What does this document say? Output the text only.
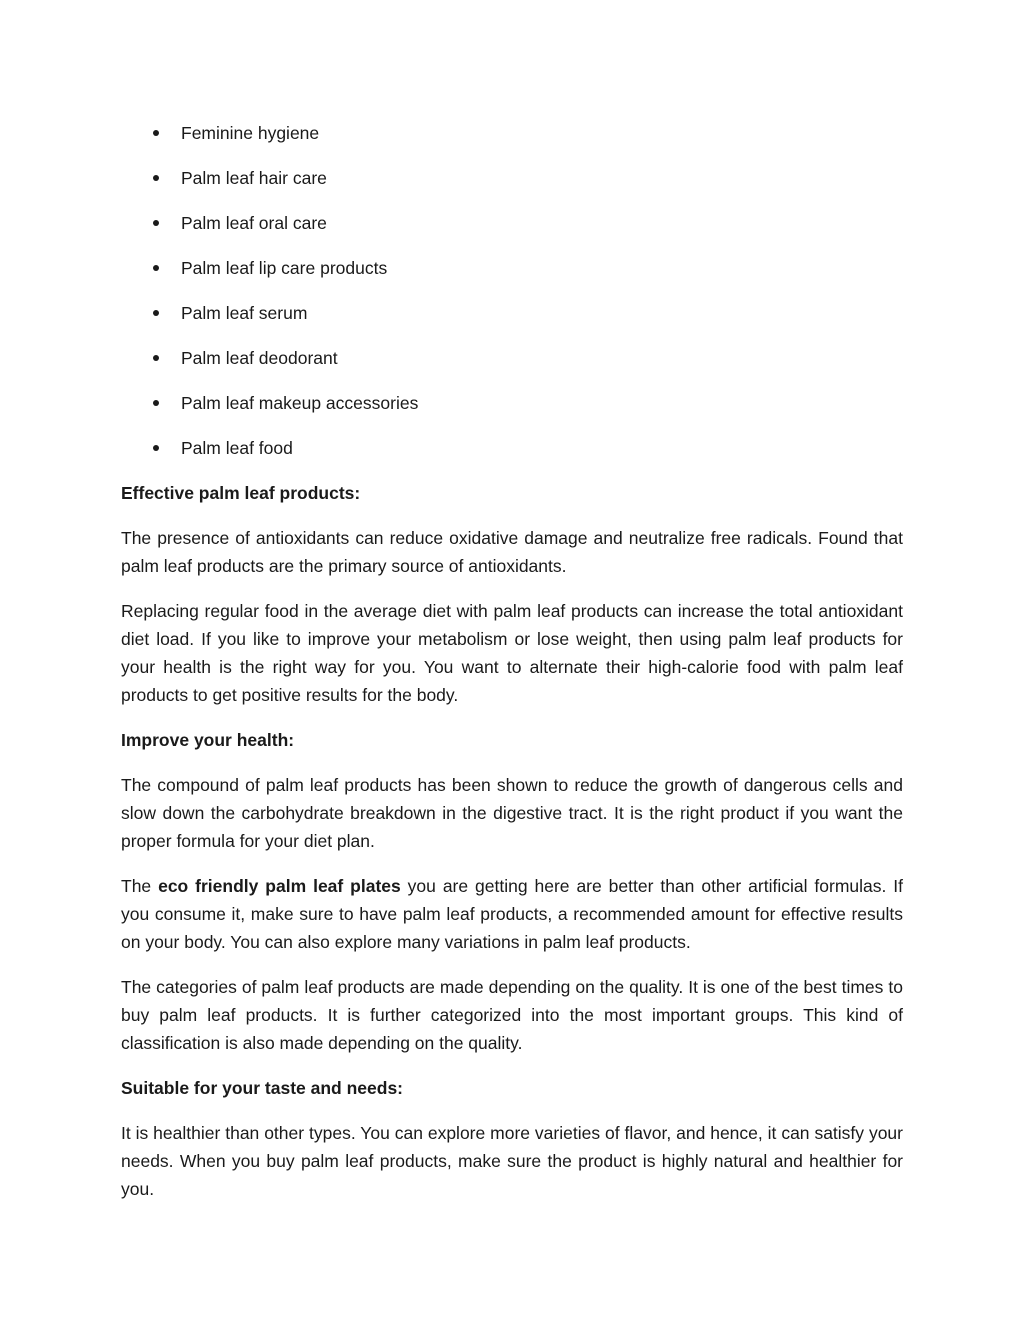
Feminine hygiene
Palm leaf hair care
Palm leaf oral care
Palm leaf lip care products
Palm leaf serum
Palm leaf deodorant
Palm leaf makeup accessories
Palm leaf food
Effective palm leaf products:

The presence of antioxidants can reduce oxidative damage and neutralize free radicals. Found that palm leaf products are the primary source of antioxidants.

Replacing regular food in the average diet with palm leaf products can increase the total antioxidant diet load. If you like to improve your metabolism or lose weight, then using palm leaf products for your health is the right way for you. You want to alternate their high-calorie food with palm leaf products to get positive results for the body.

Improve your health:

The compound of palm leaf products has been shown to reduce the growth of dangerous cells and slow down the carbohydrate breakdown in the digestive tract. It is the right product if you want the proper formula for your diet plan.

The eco friendly palm leaf plates you are getting here are better than other artificial formulas. If you consume it, make sure to have palm leaf products, a recommended amount for effective results on your body. You can also explore many variations in palm leaf products.

The categories of palm leaf products are made depending on the quality. It is one of the best times to buy palm leaf products. It is further categorized into the most important groups. This kind of classification is also made depending on the quality.

Suitable for your taste and needs:

It is healthier than other types. You can explore more varieties of flavor, and hence, it can satisfy your needs. When you buy palm leaf products, make sure the product is highly natural and healthier for you.
